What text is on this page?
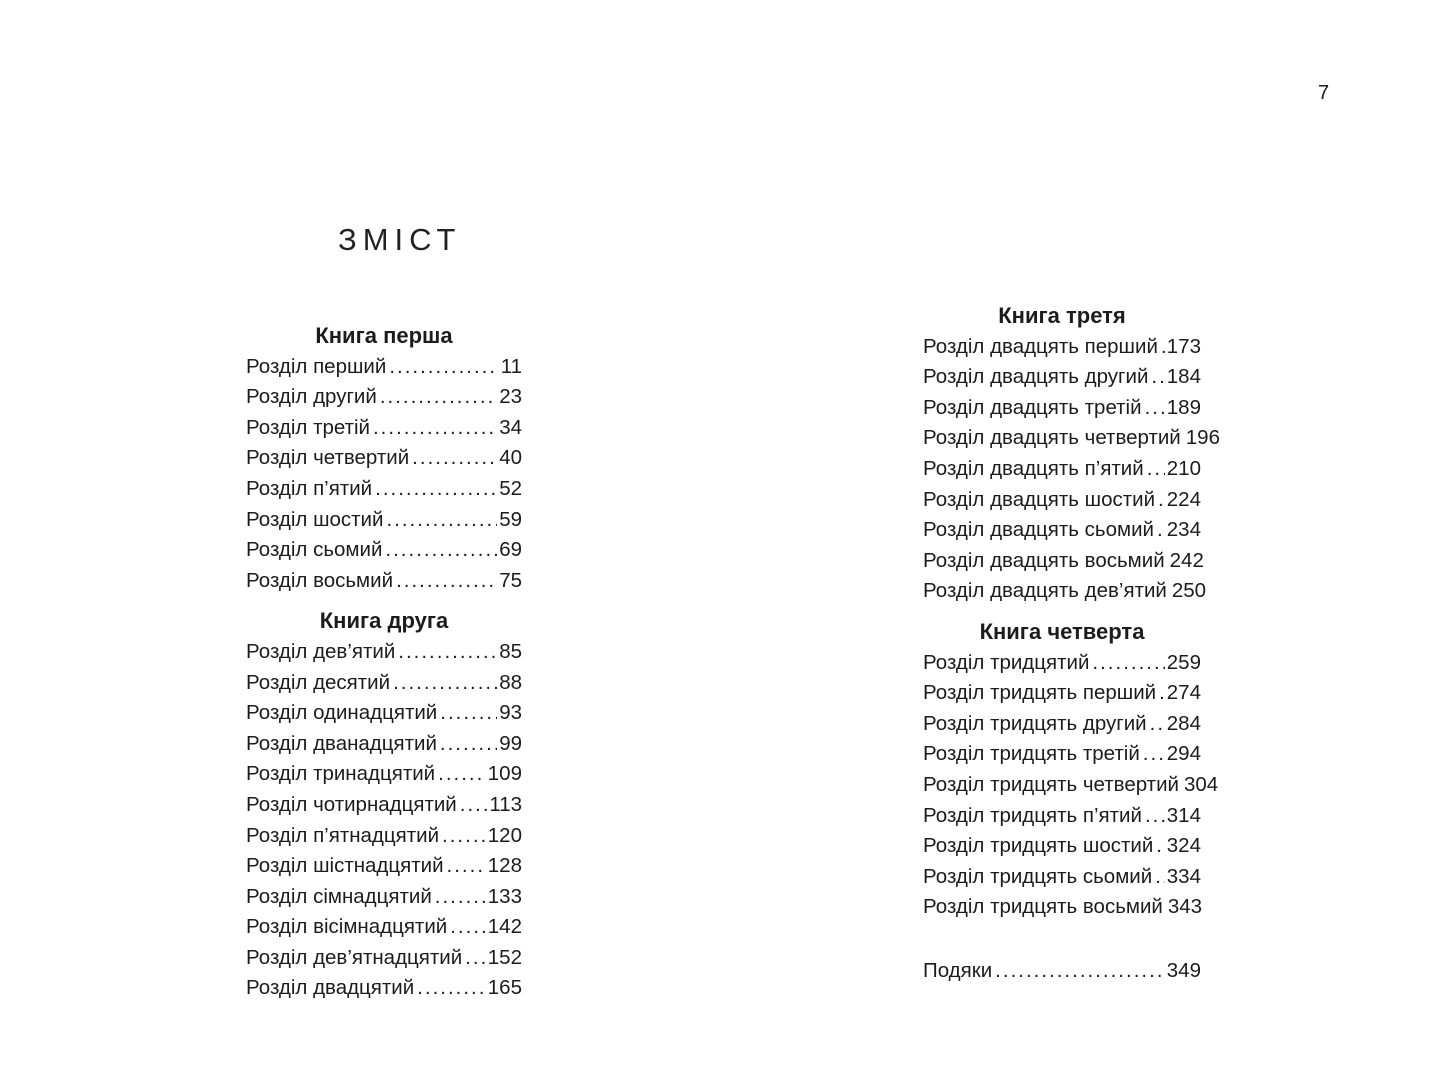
7
ЗМІСТ
Книга перша
Розділ перший .....	11
Розділ другий .....	23
Розділ третій .....	34
Розділ четвертий .....	40
Розділ п’ятий .....	52
Розділ шостий .....	59
Розділ сьомий .....	69
Розділ восьмий .....	75
Книга друга
Розділ дев’ятий .....	85
Розділ десятий .....	88
Розділ одинадцятий .....	93
Розділ дванадцятий .....	99
Розділ тринадцятий .....	109
Розділ чотирнадцятий ..... 113
Розділ п’ятнадцятий ..... 120
Розділ шістнадцятий ..... 128
Розділ сімнадцятий .....	133
Розділ вісімнадцятий ..... 142
Розділ дев’ятнадцятий ..... 152
Розділ двадцятий .....	165
Книга третя
Розділ двадцять перший ..... 173
Розділ двадцять другий ..... 184
Розділ двадцять третій ..... 189
Розділ двадцять четвертий 196
Розділ двадцять п’ятий ..... 210
Розділ двадцять шостий ..... 224
Розділ двадцять сьомий ..... 234
Розділ двадцять восьмий 242
Розділ двадцять дев’ятий 250
Книга четверта
Розділ тридцятий .....	259
Розділ тридцять перший ..... 274
Розділ тридцять другий ..... 284
Розділ тридцять третій ..... 294
Розділ тридцять четвертий 304
Розділ тридцять п’ятий ..... 314
Розділ тридцять шостий ..... 324
Розділ тридцять сьомий ..... 334
Розділ тридцять восьмий 343
Подяки .....	349
